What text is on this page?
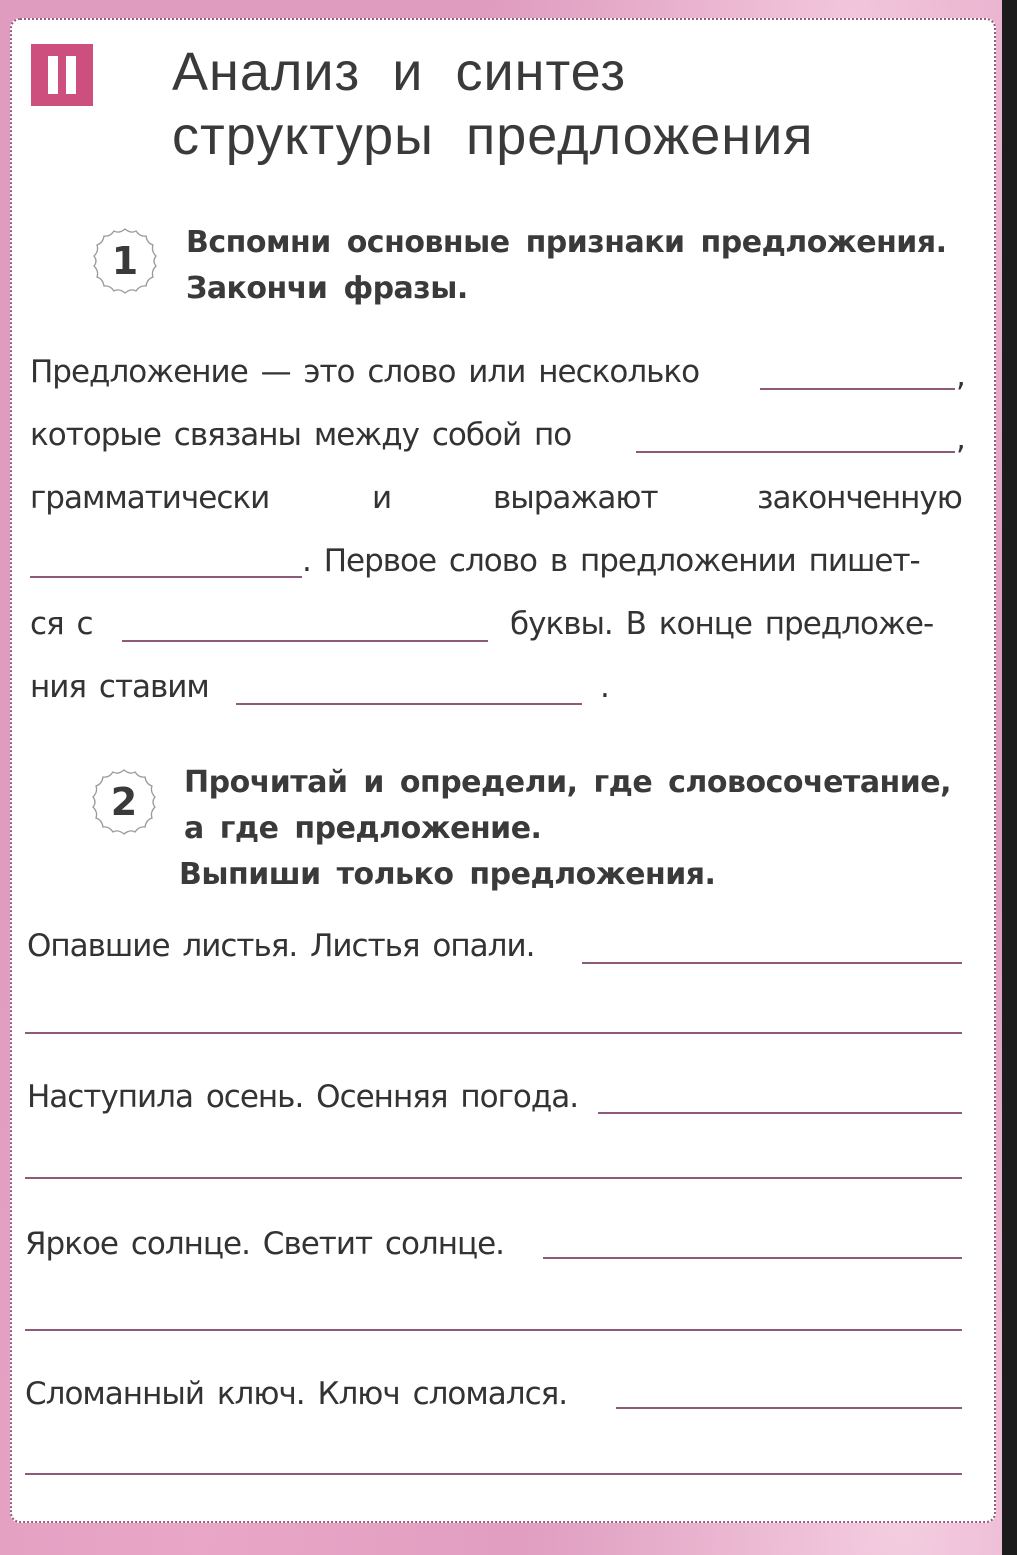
Анализ и синтез
структуры предложения
1 Вспомни основные признаки предложения.
Закончи фразы.
Предложение — это слово или несколько	,
которые связаны между собой по	,
грамматически	и	выражают	законченную
. Первое слово в предложении пишет-
ся с	буквы. В конце предложе-
ния ставим	.
2 Прочитай и определи, где словосочетание,
а где предложение.
Выпиши только предложения.
Опавшие листья. Листья опали.
Наступила осень. Осенняя погода.
Яркое солнце. Светит солнце.
Сломанный ключ. Ключ сломался.
